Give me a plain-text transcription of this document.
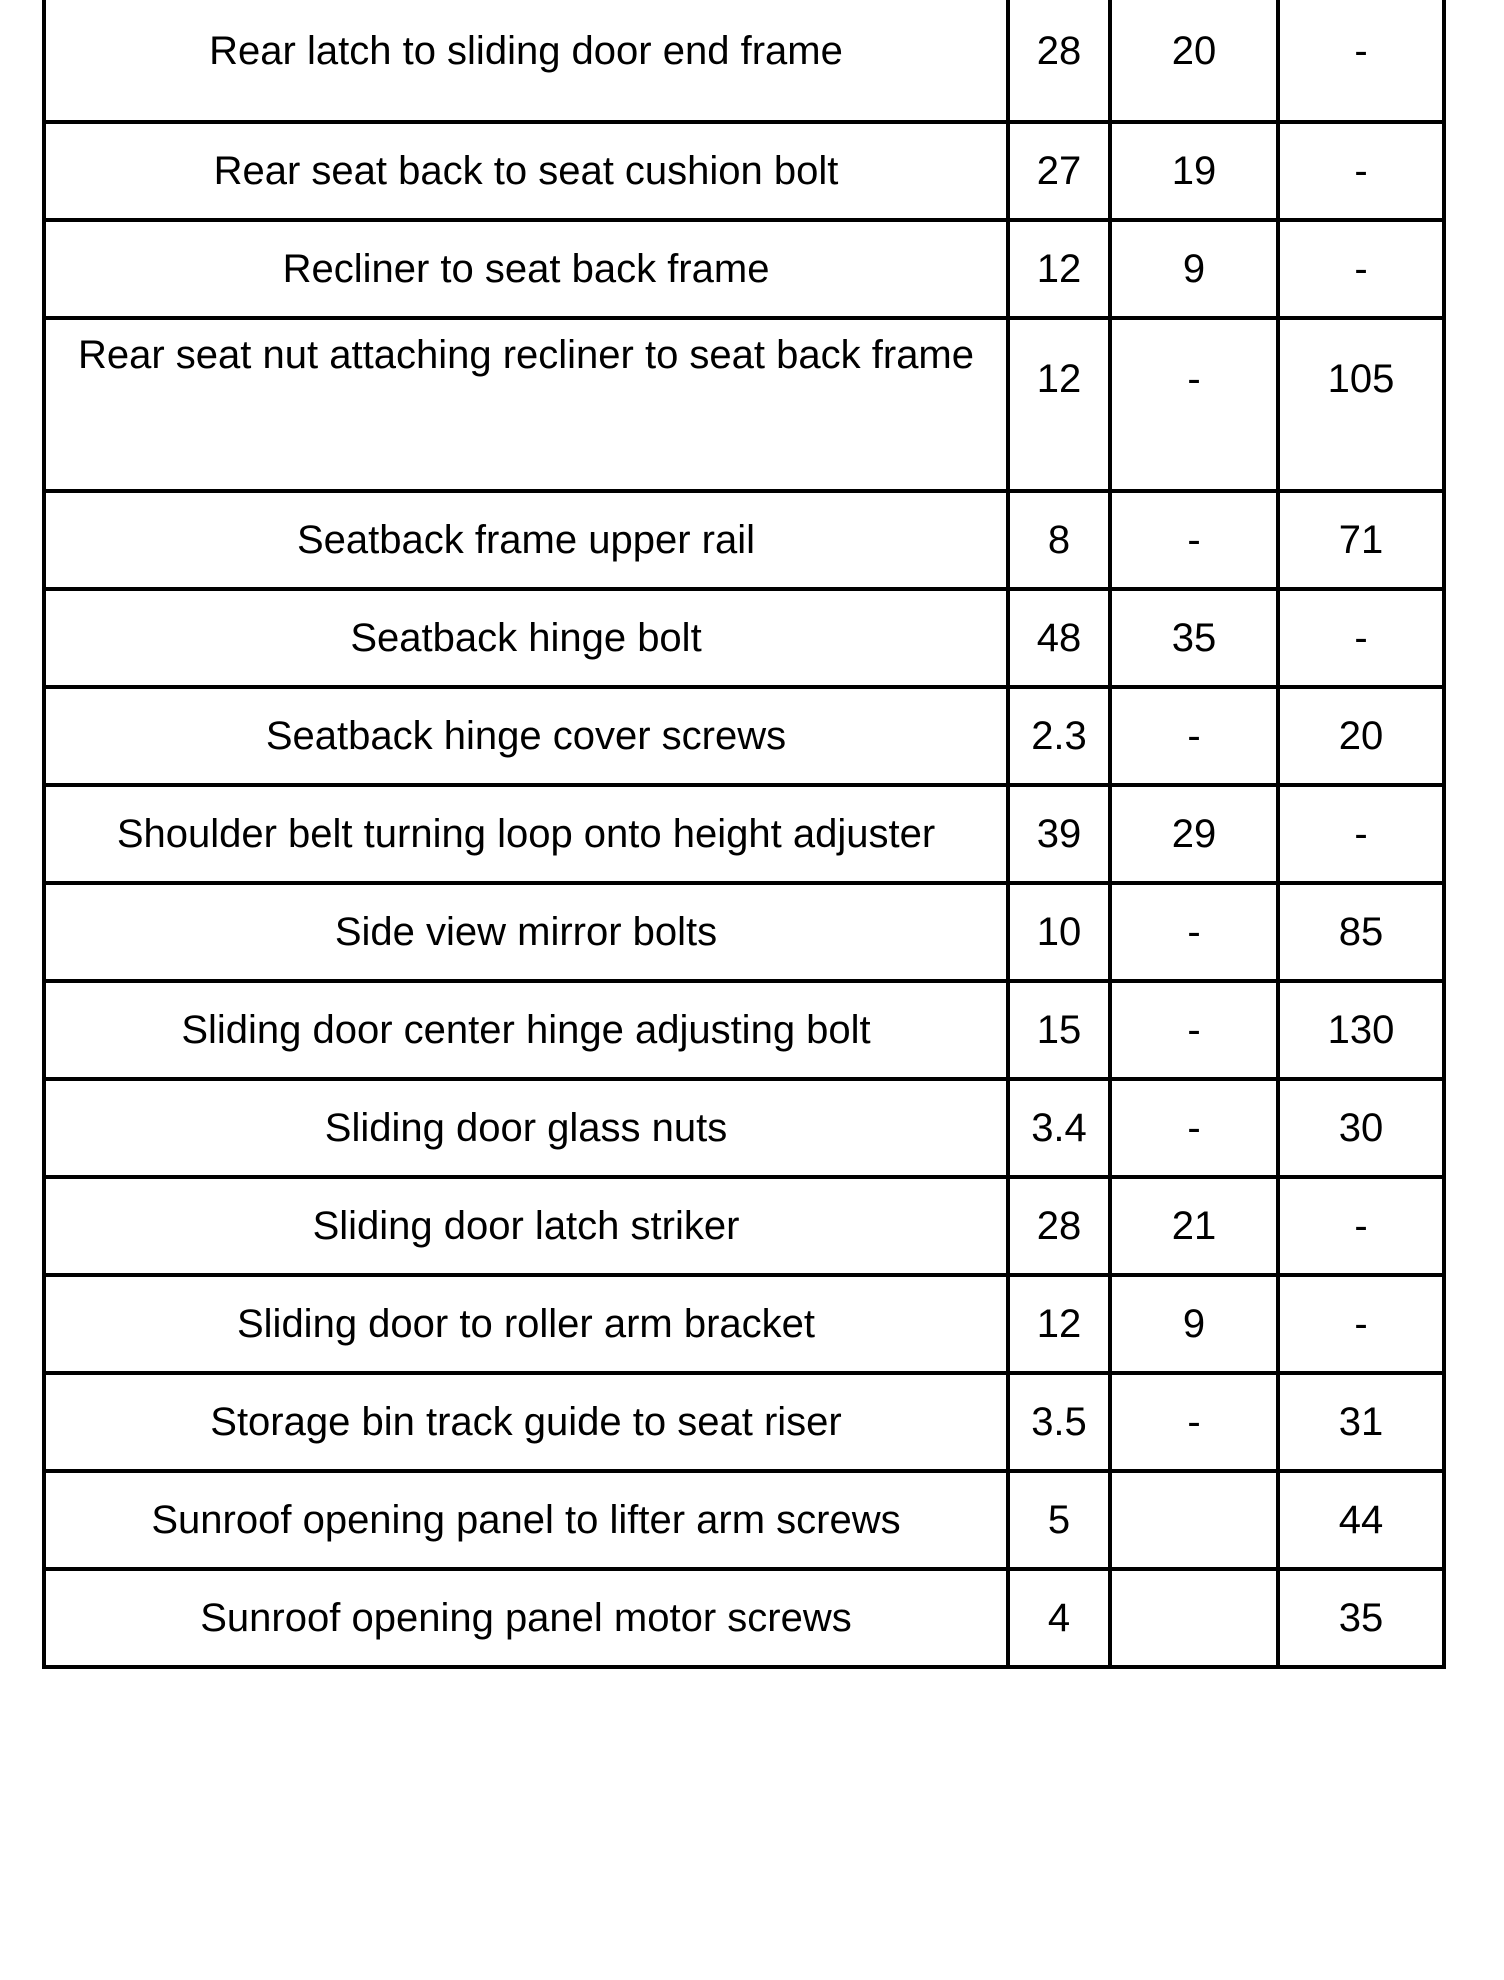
Rear latch to sliding door end frame	28	20	-
Rear seat back to seat cushion bolt	27	19	-
Recliner to seat back frame	12	9	-
Rear seat nut attaching recliner to seat back frame	12	-	105
Seatback frame upper rail	8	-	71
Seatback hinge bolt	48	35	-
Seatback hinge cover screws	2.3	-	20
Shoulder belt turning loop onto height adjuster	39	29	-
Side view mirror bolts	10	-	85
Sliding door center hinge adjusting bolt	15	-	130
Sliding door glass nuts	3.4	-	30
Sliding door latch striker	28	21	-
Sliding door to roller arm bracket	12	9	-
Storage bin track guide to seat riser	3.5	-	31
Sunroof opening panel to lifter arm screws	5		44
Sunroof opening panel motor screws	4		35
